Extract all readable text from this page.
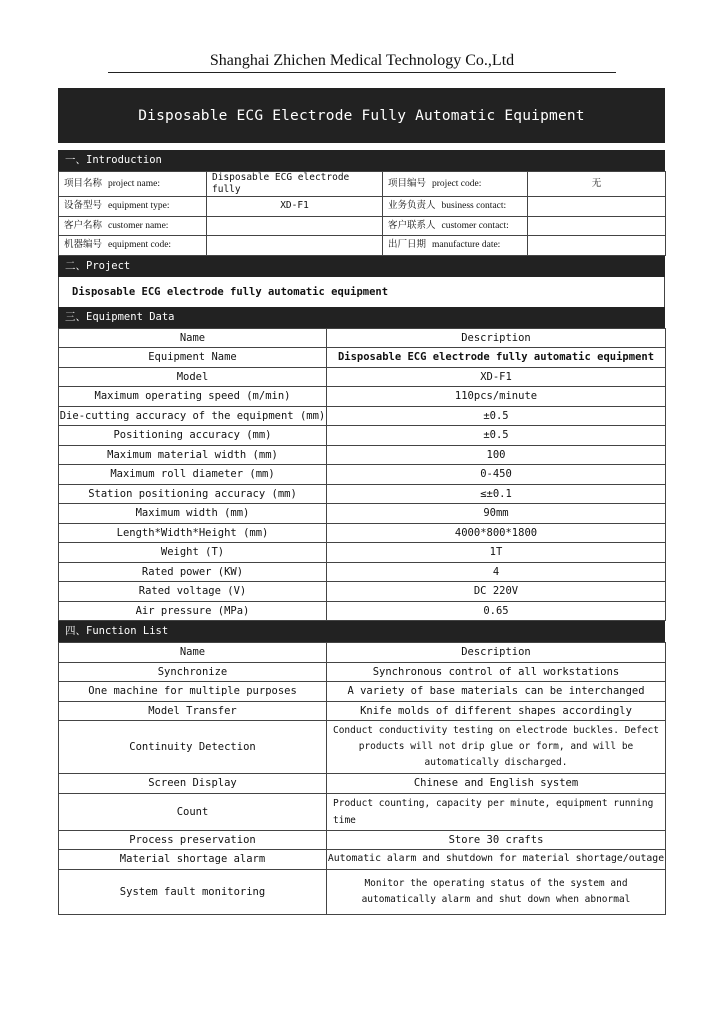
Shanghai Zhichen Medical Technology Co.,Ltd
Disposable ECG Electrode Fully Automatic Equipment
一、Introduction
项目名称 project name:	Disposable ECG electrode fully	项目编号 project code:	无
设备型号 equipment type:	XD-F1	业务负责人 business contact:	
客户名称 customer name:		客户联系人 customer contact:	
机器编号 equipment code:		出厂日期 manufacture date:	
二、Project
Disposable ECG electrode fully automatic equipment
三、Equipment Data
Name	Description
Equipment Name	Disposable ECG electrode fully automatic equipment
Model	XD-F1
Maximum operating speed (m/min)	110pcs/minute
Die-cutting accuracy of the equipment (mm)	±0.5
Positioning accuracy (mm)	±0.5
Maximum material width (mm)	100
Maximum roll diameter (mm)	0-450
Station positioning accuracy (mm)	≤±0.1
Maximum width (mm)	90mm
Length*Width*Height (mm)	4000*800*1800
Weight (T)	1T
Rated power (KW)	4
Rated voltage (V)	DC 220V
Air pressure (MPa)	0.65
四、Function List
Name	Description
Synchronize	Synchronous control of all workstations
One machine for multiple purposes	A variety of base materials can be interchanged
Model Transfer	Knife molds of different shapes accordingly
Continuity Detection	Conduct conductivity testing on electrode buckles. Defect products will not drip glue or form, and will be automatically discharged.
Screen Display	Chinese and English system
Count	Product counting, capacity per minute, equipment running time
Process preservation	Store 30 crafts
Material shortage alarm	Automatic alarm and shutdown for material shortage/outage
System fault monitoring	Monitor the operating status of the system and automatically alarm and shut down when abnormal
